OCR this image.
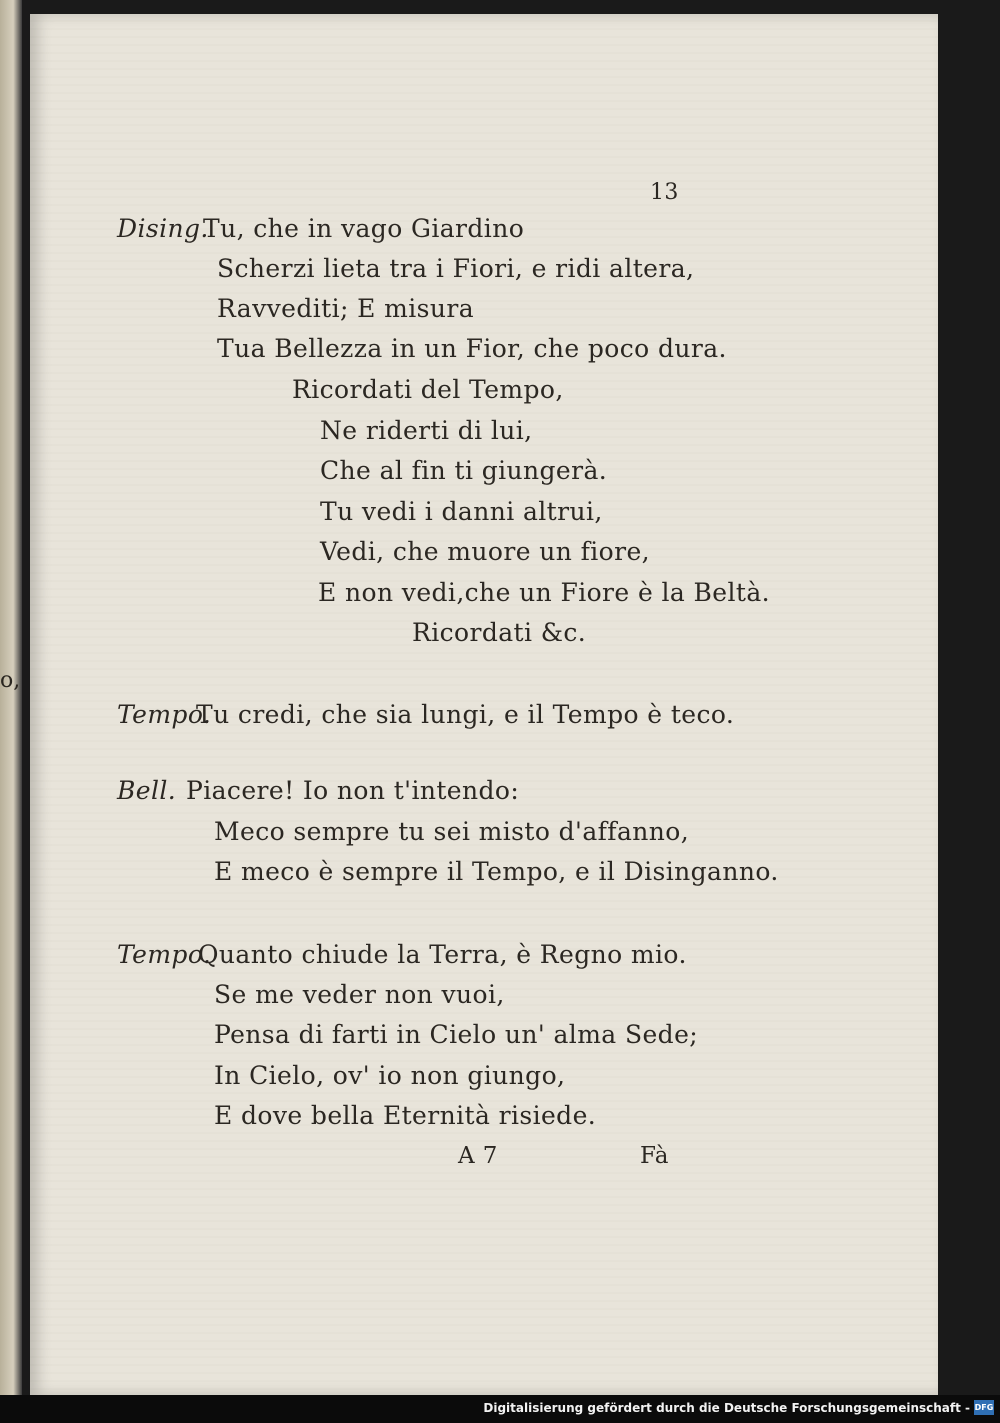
o,
13
Dising.
Tu, che in vago Giardino
Scherzi lieta tra i Fiori, e ridi altera,
Ravvediti; E misura
Tua Bellezza in un Fior, che poco dura.
Ricordati del Tempo,
Ne riderti di lui,
Che al fin ti giungerà.
Tu vedi i danni altrui,
Vedi, che muore un fiore,
E non vedi,che un Fiore è la Beltà.
Ricordati &c.
Tempo.
Tu credi, che sia lungi, e il Tempo è teco.
Bell. Piacere! Io non t'intendo:
Meco sempre tu sei misto d'affanno,
E meco è sempre il Tempo, e il Disinganno.
Tempo.
Quanto chiude la Terra, è Regno mio.
Se me veder non vuoi,
Pensa di farti in Cielo un' alma Sede;
In Cielo, ov' io non giungo,
E dove bella Eternità risiede.
A 7	Fà
Digitalisierung gefördert durch die Deutsche Forschungsgemeinschaft - DFG
